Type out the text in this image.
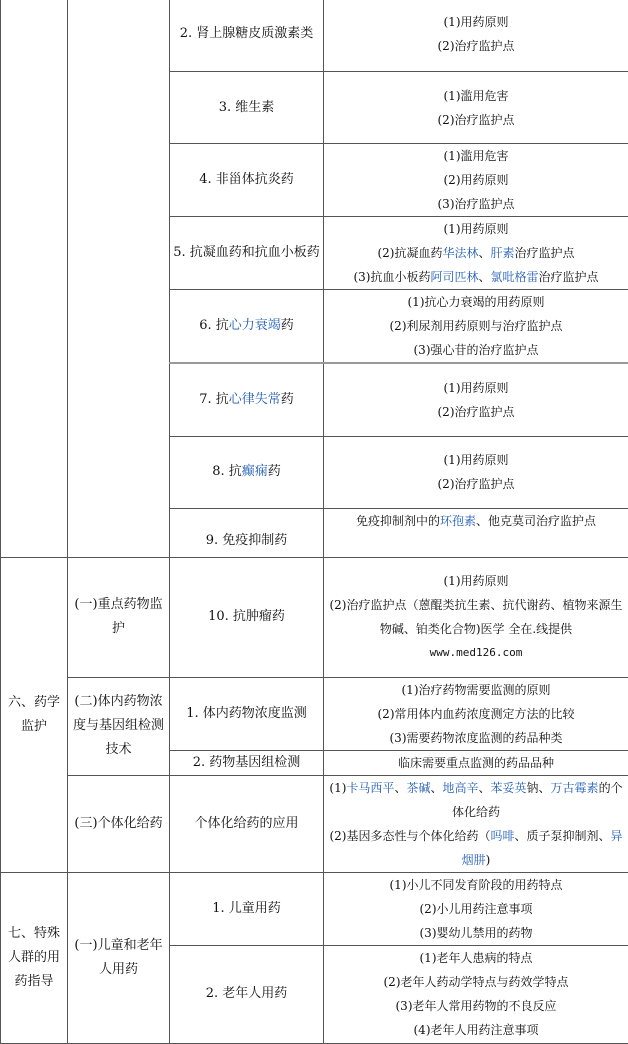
		2. 肾上腺糖皮质激素类	(1)用药原则
(2)治疗监护点

		3. 维生素	(1)滥用危害
(2)治疗监护点

		4. 非甾体抗炎药	(1)滥用危害
(2)用药原则
(3)治疗监护点

		5. 抗凝血药和抗血小板药	(1)用药原则
(2)抗凝血药华法林、肝素治疗监护点
(3)抗血小板药阿司匹林、氯吡格雷治疗监护点

		6. 抗心力衰竭药	(1)抗心力衰竭的用药原则
(2)利尿剂用药原则与治疗监护点
(3)强心苷的治疗监护点

		7. 抗心律失常药	(1)用药原则
(2)治疗监护点

		8. 抗癫痫药	(1)用药原则
(2)治疗监护点

		9. 免疫抑制药	免疫抑制剂中的环孢素、他克莫司治疗监护点
六、药学监护	(一)重点药物监护	10. 抗肿瘤药	(1)用药原则
(2)治疗监护点（蒽醌类抗生素、抗代谢药、植物来源生物碱、铂类化合物)医学 全在.线提供
www.med126.com

	(二)体内药物浓度与基因组检测技术	1. 体内药物浓度监测	(1)治疗药物需要监测的原则
(2)常用体内血药浓度测定方法的比较
(3)需要药物浓度监测的药品种类

		2. 药物基因组检测	临床需要重点监测的药品品种
	(三)个体化给药	个体化给药的应用	(1)卡马西平、茶碱、地高辛、苯妥英钠、万古霉素的个体化给药
(2)基因多态性与个体化给药（吗啡、质子泵抑制剂、异烟肼)

七、特殊人群的用药指导	(一)儿童和老年人用药	1. 儿童用药	(1)小儿不同发育阶段的用药特点
(2)小儿用药注意事项
(3)婴幼儿禁用的药物

		2. 老年人用药	(1)老年人患病的特点
(2)老年人药动学特点与药效学特点
(3)老年人常用药物的不良反应
(4)老年人用药注意事项
